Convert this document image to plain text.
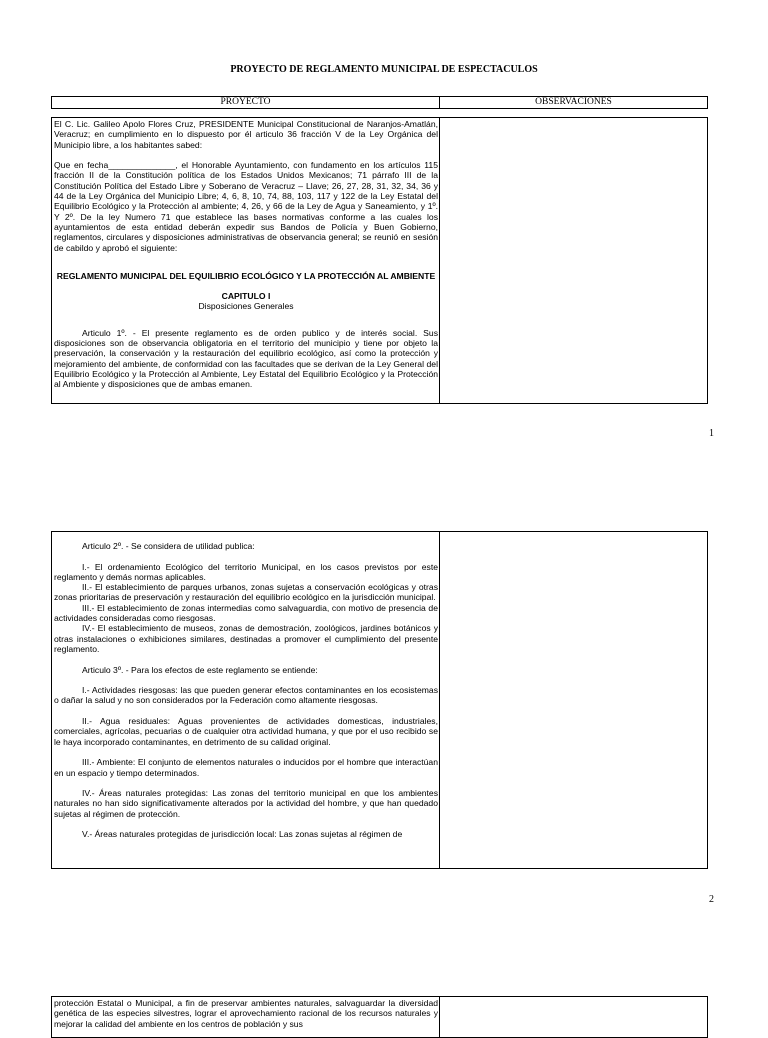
PROYECTO DE REGLAMENTO MUNICIPAL DE ESPECTACULOS
PROYECTO	OBSERVACIONES

El C. Lic. Galileo Apolo Flores Cruz, PRESIDENTE Municipal Constitucional de Naranjos-Amatlán, Veracruz; en cumplimiento en lo dispuesto por él articulo 36 fracción V de la Ley Orgánica del Municipio libre, a los habitantes sabed:

Que en fecha______________, el Honorable Ayuntamiento, con fundamento en los artículos 115 fracción II de la Constitución política de los Estados Unidos Mexicanos; 71 párrafo III de la Constitución Política del Estado Libre y Soberano de Veracruz – Llave; 26, 27, 28, 31, 32, 34, 36 y 44 de la Ley Orgánica del Municipio Libre; 4, 6, 8, 10, 74, 88, 103, 117 y 122 de la Ley Estatal del Equilibrio Ecológico y la Protección al ambiente; 4, 26, y 66 de la Ley de Agua y Saneamiento, y 1º. Y 2º. De la ley Numero 71 que establece las bases normativas conforme a las cuales los ayuntamientos de esta entidad deberán expedir sus Bandos de Policía y Buen Gobierno, reglamentos, circulares y disposiciones administrativas de observancia general; se reunió en sesión de cabildo y aprobó el siguiente:

REGLAMENTO MUNICIPAL DEL EQUILIBRIO ECOLÓGICO Y LA PROTECCIÓN AL AMBIENTE

CAPITULO I

Disposiciones Generales

Articulo 1º. - El presente reglamento es de orden publico y de interés social. Sus disposiciones son de observancia obligatoria en el territorio del municipio y tiene por objeto la preservación, la conservación y la restauración del equilibrio ecológico, así como la protección y mejoramiento del ambiente, de conformidad con las facultades que se derivan de la Ley General del Equilibrio Ecológico y la Protección al Ambiente, Ley Estatal del Equilibrio Ecológico y la Protección al Ambiente y disposiciones que de ambas emanen.

1

Articulo 2º. - Se considera de utilidad publica:

I.- El ordenamiento Ecológico del territorio Municipal, en los casos previstos por este reglamento y demás normas aplicables.

II.- El establecimiento de parques urbanos, zonas sujetas a conservación ecológicas y otras zonas prioritarias de preservación y restauración del equilibrio ecológico en la jurisdicción municipal.

III.- El establecimiento de zonas intermedias como salvaguardia, con motivo de presencia de actividades consideradas como riesgosas.

IV.- El establecimiento de museos, zonas de demostración, zoológicos, jardines botánicos y otras instalaciones o exhibiciones similares, destinadas a promover el cumplimiento del presente reglamento.

Articulo 3º. - Para los efectos de este reglamento se entiende:

I.- Actividades riesgosas: las que pueden generar efectos contaminantes en los ecosistemas o dañar la salud y no son considerados por la Federación como altamente riesgosas.

II.- Agua residuales: Aguas provenientes de actividades domesticas, industriales, comerciales, agrícolas, pecuarias o de cualquier otra actividad humana, y que por el uso recibido se le haya incorporado contaminantes, en detrimento de su calidad original.

III.- Ambiente: El conjunto de elementos naturales o inducidos por el hombre que interactúan en un espacio y tiempo determinados.

IV.- Áreas naturales protegidas: Las zonas del territorio municipal en que los ambientes naturales no han sido significativamente alterados por la actividad del hombre, y que han quedado sujetas al régimen de protección.

V.- Áreas naturales protegidas de jurisdicción local: Las zonas sujetas al régimen de

2

protección Estatal o Municipal, a fin de preservar ambientes naturales, salvaguardar la diversidad genética de las especies silvestres, lograr el aprovechamiento racional de los recursos naturales y mejorar la calidad del ambiente en los centros de población y sus
